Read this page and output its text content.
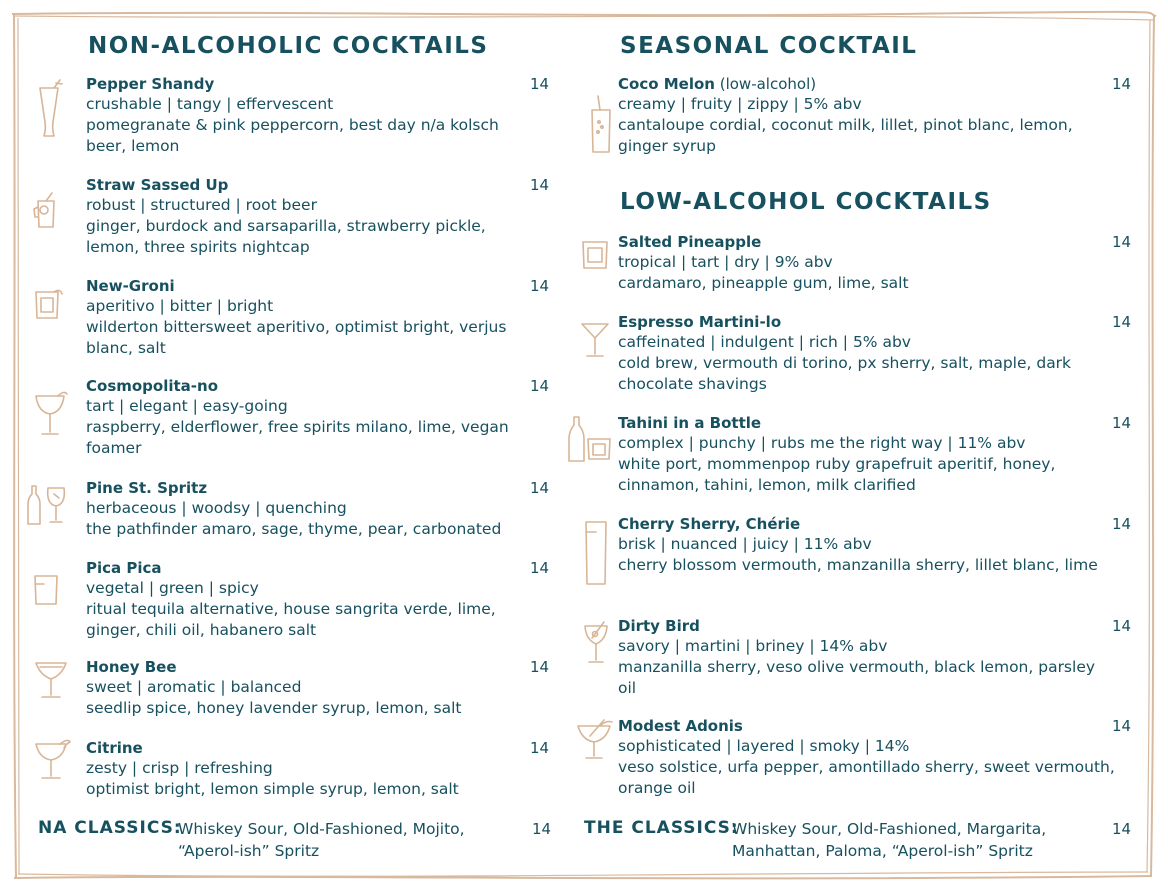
NON-ALCOHOLIC COCKTAILS
Pepper Shandy
crushable | tangy | effervescent
pomegranate & pink peppercorn, best day n/a kolsch beer, lemon
14
Straw Sassed Up
robust | structured | root beer
ginger, burdock and sarsaparilla, strawberry pickle, lemon, three spirits nightcap
14
New-Groni
aperitivo | bitter | bright
wilderton bittersweet aperitivo, optimist bright, verjus blanc, salt
14
Cosmopolita-no
tart | elegant | easy-going
raspberry, elderflower, free spirits milano, lime, vegan foamer
14
Pine St. Spritz
herbaceous | woodsy | quenching
the pathfinder amaro, sage, thyme, pear, carbonated
14
Pica Pica
vegetal | green | spicy
ritual tequila alternative, house sangrita verde, lime, ginger, chili oil, habanero salt
14
Honey Bee
sweet | aromatic | balanced
seedlip spice, honey lavender syrup, lemon, salt
14
Citrine
zesty | crisp | refreshing
optimist bright, lemon simple syrup, lemon, salt
14
NA CLASSICS:
Whiskey Sour, Old-Fashioned, Mojito, “Aperol-ish” Spritz
14
SEASONAL COCKTAIL
Coco Melon (low-alcohol)
creamy | fruity | zippy | 5% abv
cantaloupe cordial, coconut milk, lillet, pinot blanc, lemon, ginger syrup
14
LOW-ALCOHOL COCKTAILS
Salted Pineapple
tropical | tart | dry | 9% abv
cardamaro, pineapple gum, lime, salt
14
Espresso Martini-lo
caffeinated | indulgent | rich | 5% abv
cold brew, vermouth di torino, px sherry, salt, maple, dark chocolate shavings
14
Tahini in a Bottle
complex | punchy | rubs me the right way | 11% abv
white port, mommenpop ruby grapefruit aperitif, honey, cinnamon, tahini, lemon, milk clarified
14
Cherry Sherry, Chérie
brisk | nuanced | juicy | 11% abv
cherry blossom vermouth, manzanilla sherry, lillet blanc, lime
14
Dirty Bird
savory | martini | briney | 14% abv
manzanilla sherry, veso olive vermouth, black lemon, parsley oil
14
Modest Adonis
sophisticated | layered | smoky | 14%
veso solstice, urfa pepper, amontillado sherry, sweet vermouth, orange oil
14
THE CLASSICS:
Whiskey Sour, Old-Fashioned, Margarita, Manhattan, Paloma, “Aperol-ish” Spritz
14
